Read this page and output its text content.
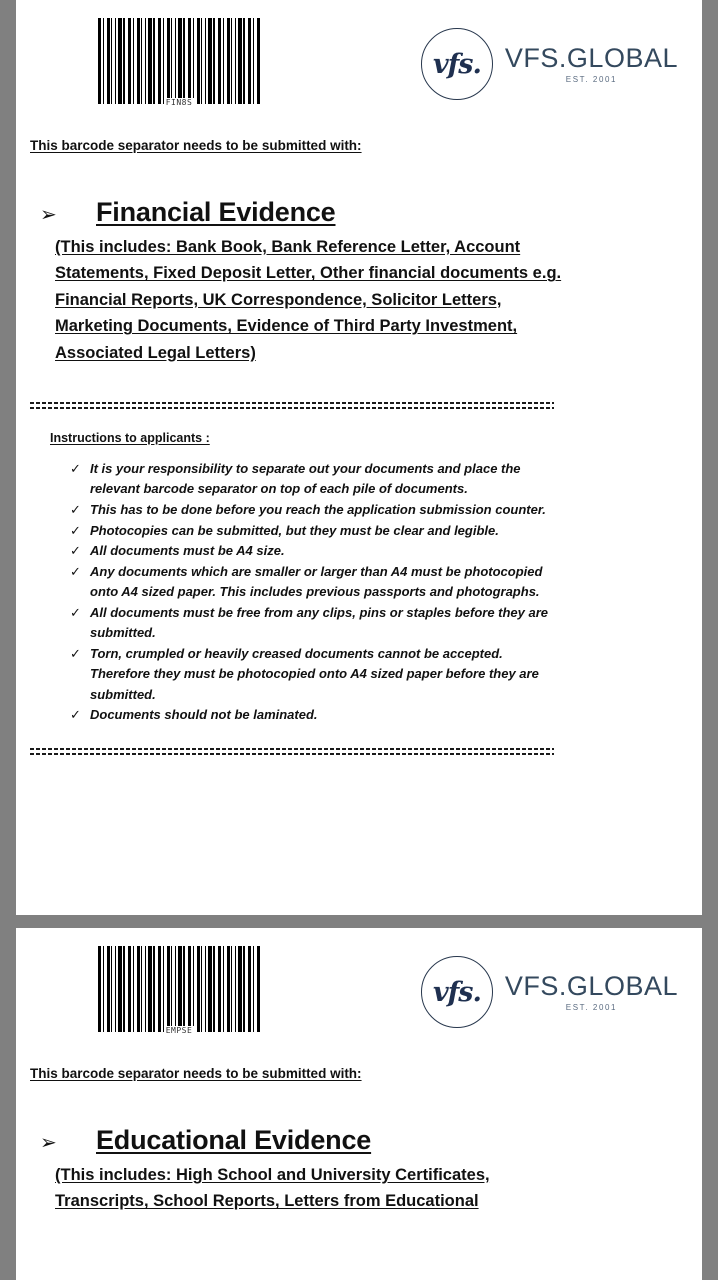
FIN8S
vfs. VFS.GLOBAL
EST. 2001
This barcode separator needs to be submitted with:
➢	Financial Evidence
(This includes: Bank Book, Bank Reference Letter, Account Statements, Fixed Deposit Letter, Other financial documents e.g. Financial Reports, UK Correspondence, Solicitor Letters, Marketing Documents, Evidence of Third Party Investment, Associated Legal Letters)
Instructions to applicants :
✓ It is your responsibility to separate out your documents and place the relevant barcode separator on top of each pile of documents.
✓ This has to be done before you reach the application submission counter.
✓ Photocopies can be submitted, but they must be clear and legible.
✓ All documents must be A4 size.
✓ Any documents which are smaller or larger than A4 must be photocopied onto A4 sized paper. This includes previous passports and photographs.
✓ All documents must be free from any clips, pins or staples before they are submitted.
✓ Torn, crumpled or heavily creased documents cannot be accepted. Therefore they must be photocopied onto A4 sized paper before they are submitted.
✓ Documents should not be laminated.
EMPSE
vfs. VFS.GLOBAL
EST. 2001
This barcode separator needs to be submitted with:
➢	Educational Evidence
(This includes: High School and University Certificates, Transcripts, School Reports, Letters from Educational
